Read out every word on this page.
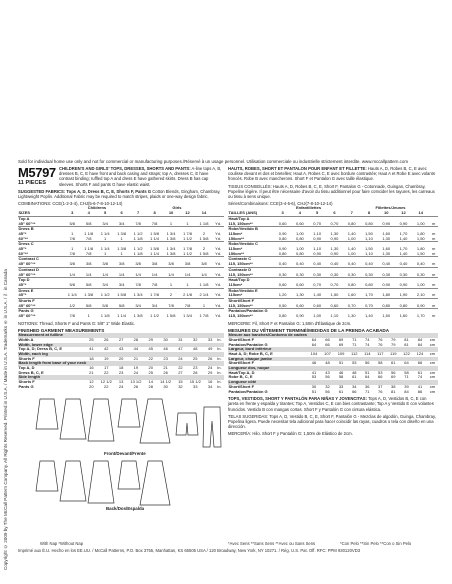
Copyright © 2009 by The McCall Pattern Company. All Rights Reserved. Printed in U.S.A. / Made in U.S.A. Trademarks ® in U.S.A. / ™ in Canada
Sold for individual home use only and not for commercial or manufacturing purposes./Réservé à un usage personnel. Utilisation commerciale ou industrielle strictement interdite. www.mccallpattern.com
M5797
11 PIECES
CHILDREN'S AND GIRLS' TOPS, DRESSES, SHORTS AND PANTS: A-line tops A, B, dresses B, C, E have front and back casing and straps; top A, dresses C, E have contrast binding; ruffled top A and dress E have gathered skirts. Dress B has cap sleeves. Shorts F and pants G have elastic waist.
SUGGESTED FABRICS: Tops A, D, Dress B, C, E, Shorts F, Pants G Cotton Blends, Gingham, Chambray, Lightweight Poplin. Additional Fabric may be required to match stripes, plaids or one-way design fabric.
COMBINATIONS: CCE(1-2-3-4), CHJ(5-6-7-8-10-12-14)
	Childrens				Girls					
SIZES	3	4	5	6	7	8	10	12	14	
Top A										
45" 60"**	5/8	5/8	3/4	3/4	7/8	7/8	1	1	1 1/8	Yd.
Dress B										
45"*	1	1 1/8	1 1/4	1 3/8	1 1/2	1 5/8	1 3/4	1 7/8	2	Yd.
60"**	7/8	7/8	1	1	1 1/8	1 1/4	1 3/8	1 1/2	1 5/8	Yd.
Dress C										
45"*	1	1 1/8	1 1/4	1 3/8	1 1/2	1 5/8	1 3/4	1 7/8	2	Yd.
60"**	7/8	7/8	1	1	1 1/8	1 1/4	1 3/8	1 1/2	1 5/8	Yd.
Contrast C										
45" 60"**	3/8	3/8	3/8	3/8	3/8	3/8	3/8	3/8	3/8	Yd.
Contrast D										
45" 60"**	1/4	1/4	1/4	1/4	1/4	1/4	1/4	1/4	1/4	Yd.
Top D										
45"*	5/8	5/8	3/4	3/4	7/8	7/8	1	1	1 1/8	Yd.
Dress E										
45"*	1 1/4	1 3/8	1 1/2	1 5/8	1 3/4	1 7/8	2	2 1/8	2 1/4	Yd.
Shorts F										
45" 60"**	1/2	5/8	5/8	5/8	3/4	3/4	7/8	7/8	1	Yd.
Pants G										
45" 60"**	7/8	1	1 1/8	1 1/4	1 3/8	1 1/2	1 5/8	1 3/4	1 7/8	Yd.
NOTIONS: Thread, Shorts F and Pants G: 5/8" 1" Wide Elastic.
FINISHED GARMENT MEASUREMENTS
Measurement at fullline										
Width A	25	26	27	28	29	30	31	32	33	In.
Width, lower edge										
Top A, D; Dress B, C, E	41	42	43	44	45	46	47	48	49	In.
Width, each leg										
Shorts F	18	19	20	21	22	23	24	25	26	In.
Back length from base of your neck										
Top A, D	16	17	18	19	20	21	22	23	24	In.
Dress B, C, E	21	22	23	24	25	26	27	28	29	In.
Side length										
Shorts F	12	12 1/2	13	13 1/2	14	14 1/2	15	15 1/2	16	In.
Pants G	20	22	24	26	28	30	32	33	34	In.
Front/Devant/Frente
Back/Dos/Espalda
HAUTS, ROBES, SHORT ET PANTALON POUR ENFANT ET FILLETTE: Hauts A, D, Robes B, C, E avec coulisse devant et dos et bretelles; Haut A, Robes C, E avec bordure contrastée; Haut A et Robe E avec volants froncés. Robe B avec mancherons. Short F et Pantalon G avec taille élastique.
TISSUS CONSEILLÉS: Hauts A, D, Robes B, C, E, Short F, Pantalon G - Cotonnade, Guingan, Chambray, Popeline légère. Il peut être nécessaire d'avoir du tissu additionnel pour faire coïncider les rayures, les carreaux ou tissu à sens unique.
Séries/Combinaisons: CCE(3-4-5-6), CHJ(7-8-10-12-14)
	Enfantillettes				Fillettes/Jeunes					
TAILLES (ANS)	3	4	5	6	7	8	10	12	14	
Haut/Top A										
115, 150cm**	0,60	0,60	0,70	0,70	0,80	0,80	0,90	0,90	1,00	m
Robe/Vestido B										
115cm*	0,90	1,00	1,10	1,30	1,40	1,50	1,60	1,70	1,80	m
150cm**	0,80	0,80	0,90	0,90	1,00	1,10	1,30	1,40	1,50	m
Robe/Vestido C										
115cm*	0,90	1,00	1,10	1,30	1,40	1,50	1,60	1,70	1,80	m
150cm**	0,80	0,80	0,90	0,90	1,00	1,10	1,30	1,40	1,50	m
Contraste C										
115, 150cm**	0,40	0,40	0,40	0,40	0,40	0,40	0,40	0,40	0,40	m
Contraste D										
115, 150cm**	0,30	0,30	0,30	0,30	0,30	0,30	0,30	0,30	0,30	m
Haut/Top D										
115cm*	0,60	0,60	0,70	0,70	0,80	0,80	0,90	0,90	1,00	m
Robe/Vestido E										
115cm*	1,20	1,30	1,40	1,50	1,60	1,70	1,80	1,90	2,10	m
Short/Short F										
115, 150cm**	0,50	0,60	0,60	0,60	0,70	0,70	0,80	0,80	0,90	m
Pantalon/Pantalón G										
115, 150cm**	0,80	0,90	1,00	1,10	1,30	1,40	1,50	1,60	1,70	m
MERCERIE: Fil, Short F et Pantalon G: 1,50m d'Élastique de 2cm.
MESURES DU VÊTEMENT TERMINÉ/MEDIDAS DE LA PRENDA ACABADA
Mesure aux hanches/Contorno de cadera										
Short/Short F	64	66	69	71	74	76	79	81	84	cm
Pantalon/Pantalón G	64	66	69	71	74	76	79	81	84	cm
Largeur, bord inférieur										
Haut A, D; Robe B, C, E	104	107	109	112	114	117	119	122	124	cm
Largeur, chaque jambe										
Short/Short F	46	48	51	53	56	58	61	64	66	cm
Longueur dos, nuque										
Haut/Top A, D	41	43	46	48	51	53	56	58	61	cm
Robe B, C, E	53	56	58	61	64	66	69	71	74	cm
Longueur côté										
Short/Short F	30	32	33	34	36	37	38	39	41	cm
Pantalon/Pantalón G	51	56	61	66	71	76	81	84	86	cm
TOPS, VESTIDOS, SHORT Y PANTALÓN PARA NIÑAS Y JOVENCITAS: Tops A, D, Vestidos B, C, E con jareta en frente y espalda y tirantes; Top A, Vestidos C, E con bies contrastante; Top A y Vestido E con volantes fruncidos. Vestido B con mangas cortas. Short F y Pantalón G con cintura elástica.
TELAS SUGERIDAS: Tops A, D, Vestido B, C, E, Short F, Pantalón G - Mezclas de algodón, Guinga, Chambray, Popelina ligera. Puede necesitar tela adicional para hacer coincidir las rayas, cuadros o tela con diseño en una dirección.
MERCERÍA: Hilo. Short F y Pantalón G: 1,50m de Elástico de 2cm.
With Nap *Without Nap	*Avec Sens **Sans Sens **Avec ou Sans Sens	*Con Pelo **Sin Pelo **Con o Sin Pelo
Imprimé aux É.U. Hecho en los EE.UU. / McCall Patterns, P.O. Box 3755, Manhattan, KS 66505 USA / 120 Broadway, New York, NY 10271. / Rég. U.S. Pat. Off. RFC: PPM 930120VD3
